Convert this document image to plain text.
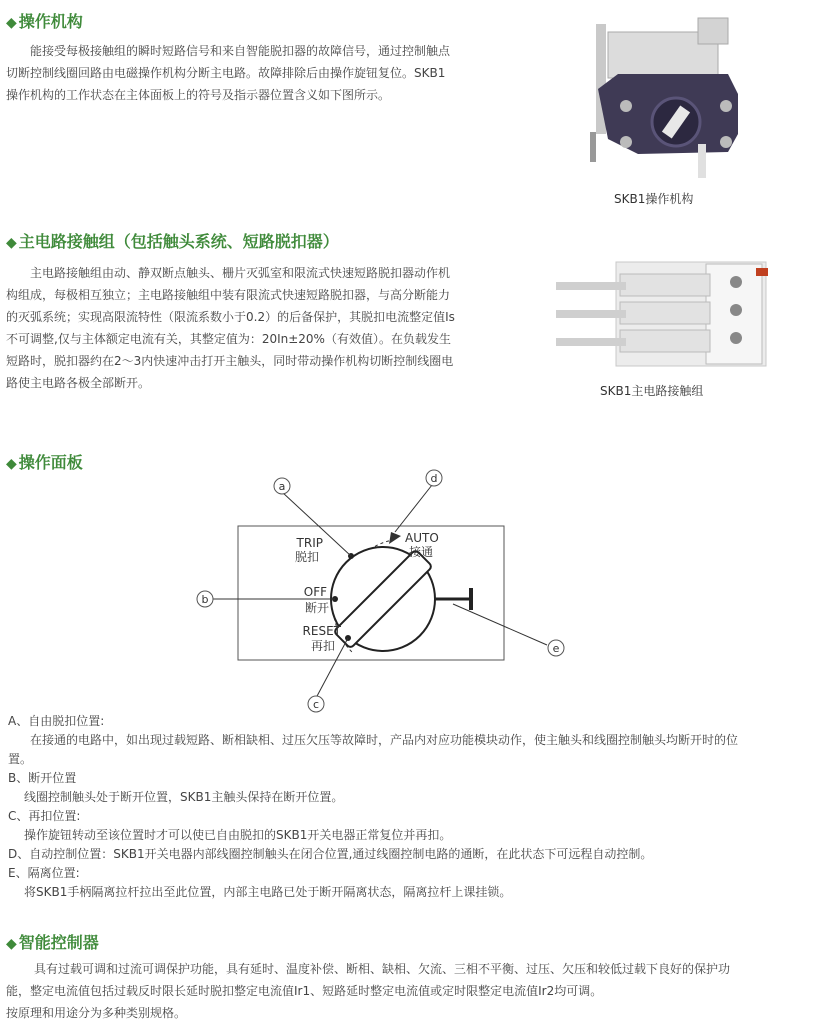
◆ 操作机构
能接受每极接触组的瞬时短路信号和来自智能脱扣器的故障信号，通过控制触点
切断控制线圈回路由电磁操作机构分断主电路。故障排除后由操作旋钮复位。SKB1
操作机构的工作状态在主体面板上的符号及指示器位置含义如下图所示。
SKB1操作机构
◆ 主电路接触组（包括触头系统、短路脱扣器）
主电路接触组由动、静双断点触头、栅片灭弧室和限流式快速短路脱扣器动作机
构组成，每极相互独立；主电路接触组中装有限流式快速短路脱扣器，与高分断能力
的灭弧系统；实现高限流特性（限流系数小于0.2）的后备保护，其脱扣电流整定值Is
不可调整,仅与主体额定电流有关，其整定值为：20In±20%（有效值）。在负载发生
短路时，脱扣器约在2～3内快速冲击打开主触头，同时带动操作机构切断控制线圈电
路使主电路各极全部断开。
SKB1主电路接触组
◆ 操作面板
TRIP
脱扣
AUTO
接通
OFF
断开
RESET
再扣
a
d
b
c
e
A、自由脱扣位置:
在接通的电路中，如出现过载短路、断相缺相、过压欠压等故障时，产品内对应功能模块动作，使主触头和线圈控制触头均断开时的位
置。
B、断开位置
线圈控制触头处于断开位置，SKB1主触头保持在断开位置。
C、再扣位置:
操作旋钮转动至该位置时才可以使已自由脱扣的SKB1开关电器正常复位并再扣。
D、自动控制位置：SKB1开关电器内部线圈控制触头在闭合位置,通过线圈控制电路的通断，在此状态下可远程自动控制。
E、隔离位置:
将SKB1手柄隔离拉杆拉出至此位置，内部主电路已处于断开隔离状态，隔离拉杆上课挂锁。
◆ 智能控制器
具有过载可调和过流可调保护功能，具有延时、温度补偿、断相、缺相、欠流、三相不平衡、过压、欠压和较低过载下良好的保护功
能，整定电流值包括过载反时限长延时脱扣整定电流值Ir1、短路延时整定电流值或定时限整定电流值Ir2均可调。
按原理和用途分为多种类别规格。
